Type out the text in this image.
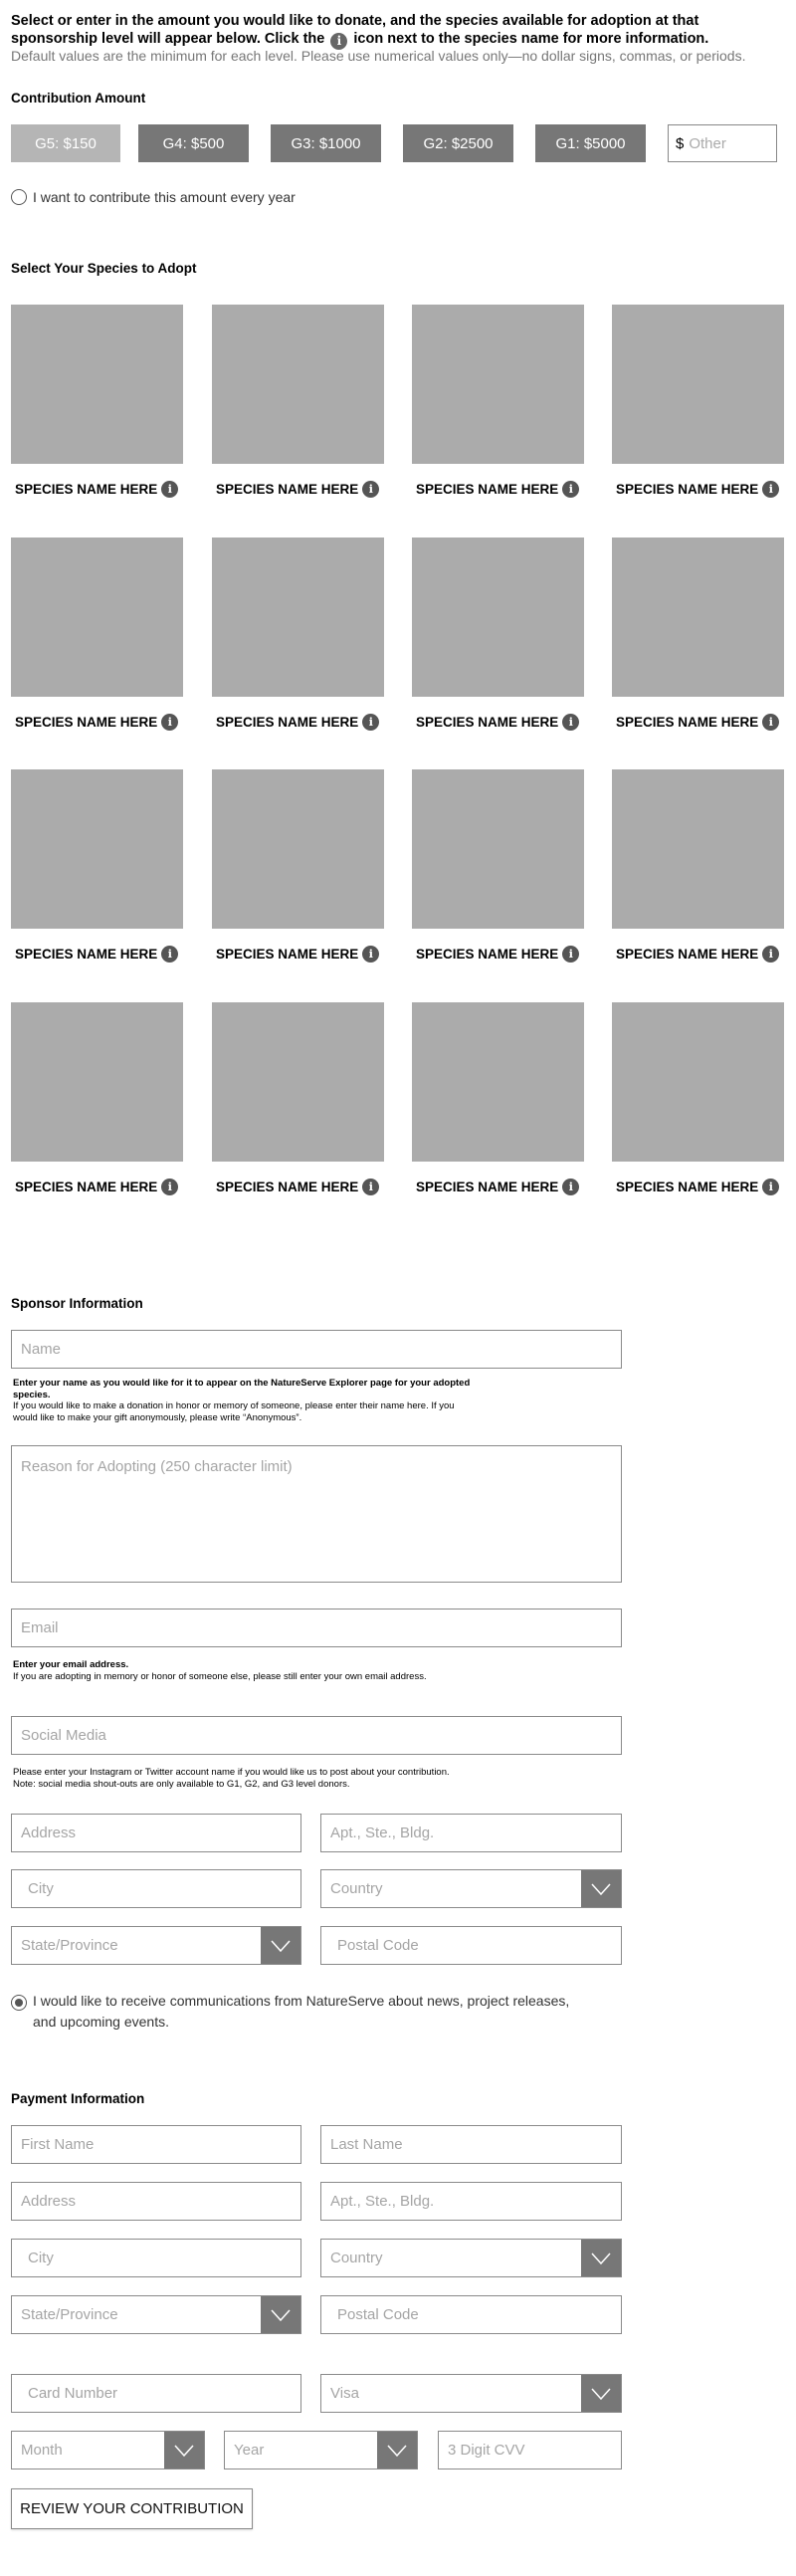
Select or enter in the amount you would like to donate, and the species available for adoption at that sponsorship level will appear below. Click the i icon next to the species name for more information.
Default values are the minimum for each level. Please use numerical values only—no dollar signs, commas, or periods.
Contribution Amount
G5: $150	G4: $500	G3: $1000	G2: $2500	G1: $5000	$
Other
I want to contribute this amount every year
Select Your Species to Adopt
SPECIES NAME HERE i	SPECIES NAME HERE i	SPECIES NAME HERE i	SPECIES NAME HERE i
SPECIES NAME HERE i	SPECIES NAME HERE i	SPECIES NAME HERE i	SPECIES NAME HERE i
SPECIES NAME HERE i	SPECIES NAME HERE i	SPECIES NAME HERE i	SPECIES NAME HERE i
SPECIES NAME HERE i	SPECIES NAME HERE i	SPECIES NAME HERE i	SPECIES NAME HERE i
Sponsor Information
Name
Enter your name as you would like for it to appear on the NatureServe Explorer page for your adopted species.
If you would like to make a donation in honor or memory of someone, please enter their name here. If you would like to make your gift anonymously, please write “Anonymous”.
Reason for Adopting (250 character limit)
Email
Enter your email address.
If you are adopting in memory or honor of someone else, please still enter your own email address.
Social Media
Please enter your Instagram or Twitter account name if you would like us to post about your contribution. Note: social media shout-outs are only available to G1, G2, and G3 level donors.
Address
Apt., Ste., Bldg.
City
Country
State/Province
Postal Code
I would like to receive communications from NatureServe about news, project releases, and upcoming events.
Payment Information
First Name
Last Name
Address
Apt., Ste., Bldg.
City
Country
State/Province
Postal Code
Card Number
Visa
Month	Year
3 Digit CVV
REVIEW YOUR CONTRIBUTION
